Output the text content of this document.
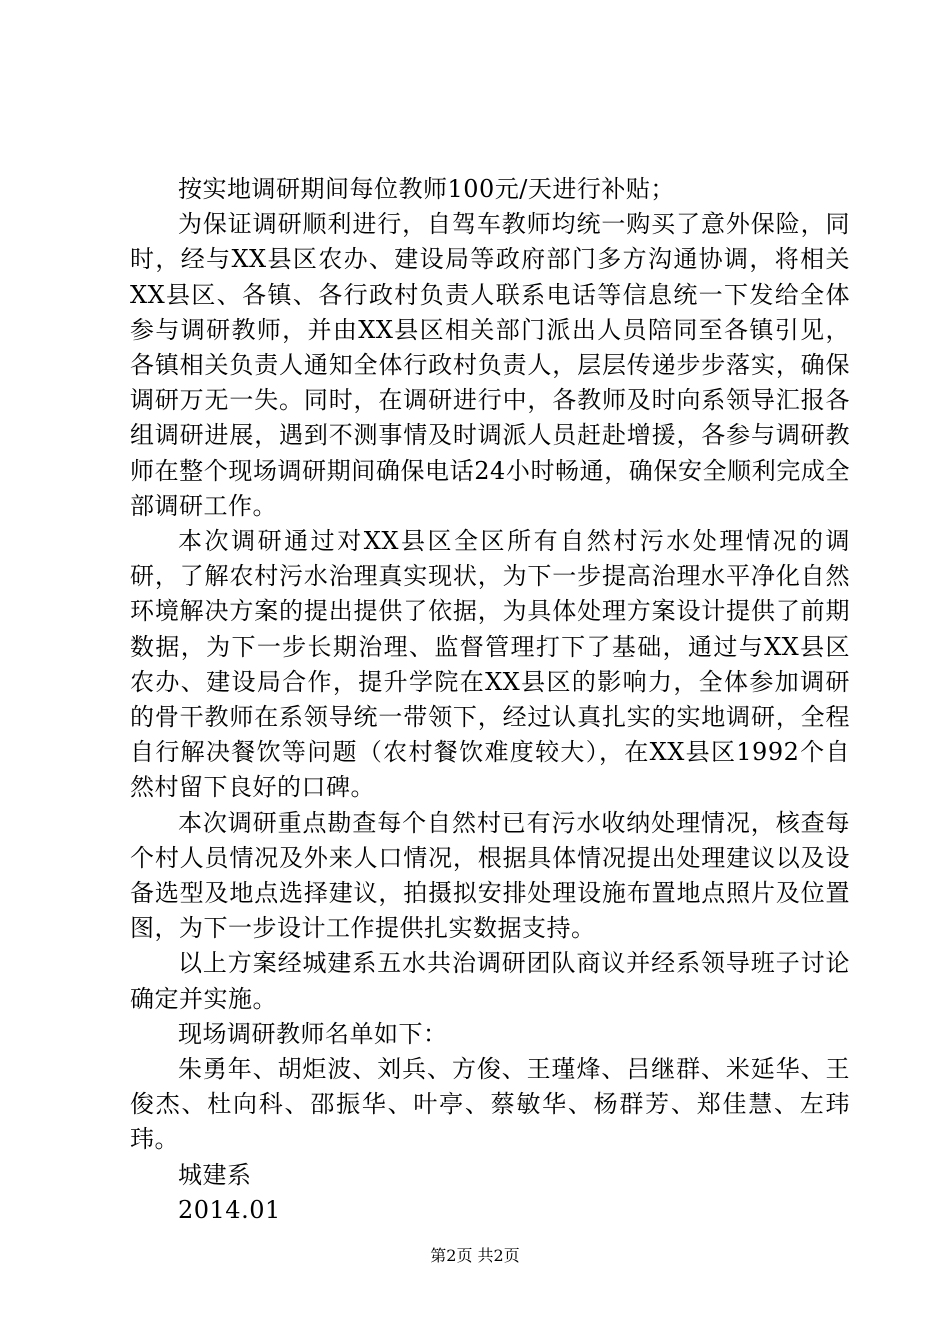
按实地调研期间每位教师100元/天进行补贴；

为保证调研顺利进行，自驾车教师均统一购买了意外保险，同时，经与XX县区农办、建设局等政府部门多方沟通协调，将相关XX县区、各镇、各行政村负责人联系电话等信息统一下发给全体参与调研教师，并由XX县区相关部门派出人员陪同至各镇引见，各镇相关负责人通知全体行政村负责人，层层传递步步落实，确保调研万无一失。同时，在调研进行中，各教师及时向系领导汇报各组调研进展，遇到不测事情及时调派人员赶赴增援，各参与调研教师在整个现场调研期间确保电话24小时畅通，确保安全顺利完成全部调研工作。

本次调研通过对XX县区全区所有自然村污水处理情况的调研，了解农村污水治理真实现状，为下一步提高治理水平净化自然环境解决方案的提出提供了依据，为具体处理方案设计提供了前期数据，为下一步长期治理、监督管理打下了基础，通过与XX县区农办、建设局合作，提升学院在XX县区的影响力，全体参加调研的骨干教师在系领导统一带领下，经过认真扎实的实地调研，全程自行解决餐饮等问题（农村餐饮难度较大），在XX县区1992个自然村留下良好的口碑。

本次调研重点勘查每个自然村已有污水收纳处理情况，核查每个村人员情况及外来人口情况，根据具体情况提出处理建议以及设备选型及地点选择建议，拍摄拟安排处理设施布置地点照片及位置图，为下一步设计工作提供扎实数据支持。

以上方案经城建系五水共治调研团队商议并经系领导班子讨论确定并实施。

现场调研教师名单如下：

朱勇年、胡炬波、刘兵、方俊、王瑾烽、吕继群、米延华、王俊杰、杜向科、邵振华、叶亭、蔡敏华、杨群芳、郑佳慧、左玮玮。

城建系

2014.01

第2页 共2页
